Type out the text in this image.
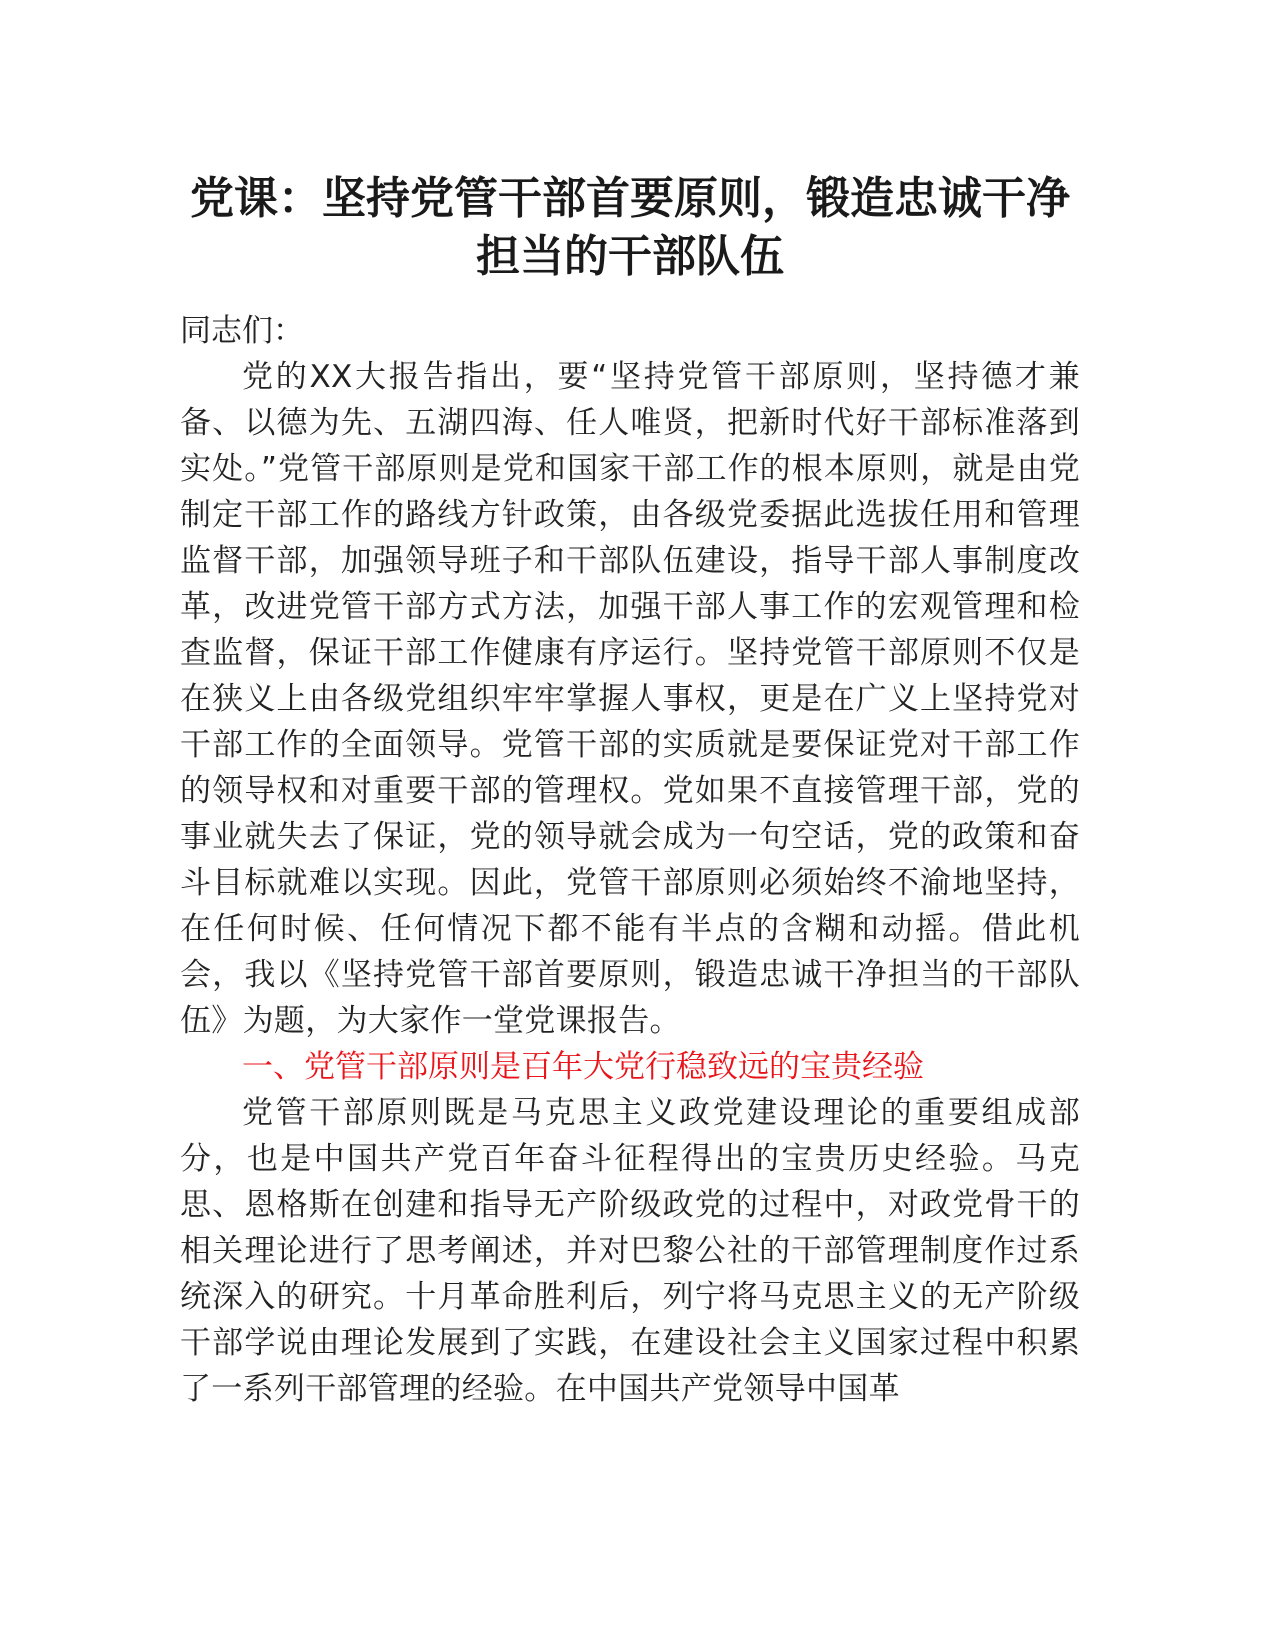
党课：坚持党管干部首要原则，锻造忠诚干净担当的干部队伍

同志们：

党的XX大报告指出，要“坚持党管干部原则，坚持德才兼备、以德为先、五湖四海、任人唯贤，把新时代好干部标准落到实处。”党管干部原则是党和国家干部工作的根本原则，就是由党制定干部工作的路线方针政策，由各级党委据此选拔任用和管理监督干部，加强领导班子和干部队伍建设，指导干部人事制度改革，改进党管干部方式方法，加强干部人事工作的宏观管理和检查监督，保证干部工作健康有序运行。坚持党管干部原则不仅是在狭义上由各级党组织牢牢掌握人事权，更是在广义上坚持党对干部工作的全面领导。党管干部的实质就是要保证党对干部工作的领导权和对重要干部的管理权。党如果不直接管理干部，党的事业就失去了保证，党的领导就会成为一句空话，党的政策和奋斗目标就难以实现。因此，党管干部原则必须始终不渝地坚持，在任何时候、任何情况下都不能有半点的含糊和动摇。借此机会，我以《坚持党管干部首要原则，锻造忠诚干净担当的干部队伍》为题，为大家作一堂党课报告。

一、党管干部原则是百年大党行稳致远的宝贵经验

党管干部原则既是马克思主义政党建设理论的重要组成部分，也是中国共产党百年奋斗征程得出的宝贵历史经验。马克思、恩格斯在创建和指导无产阶级政党的过程中，对政党骨干的相关理论进行了思考阐述，并对巴黎公社的干部管理制度作过系统深入的研究。十月革命胜利后，列宁将马克思主义的无产阶级干部学说由理论发展到了实践，在建设社会主义国家过程中积累了一系列干部管理的经验。在中国共产党领导中国革
